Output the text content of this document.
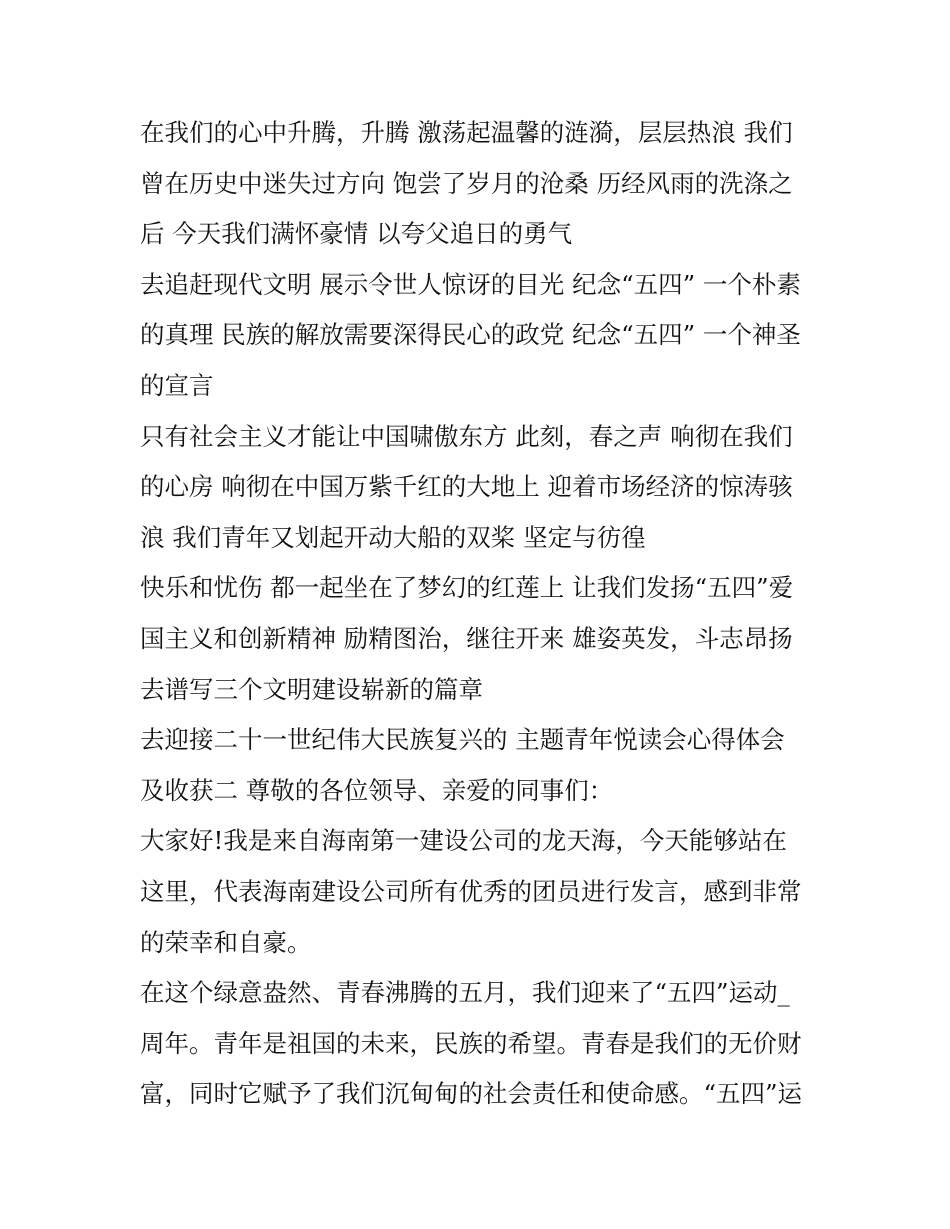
在我们的心中升腾，升腾 激荡起温馨的涟漪，层层热浪 我们
曾在历史中迷失过方向 饱尝了岁月的沧桑 历经风雨的洗涤之
后 今天我们满怀豪情 以夸父追日的勇气

去追赶现代文明 展示令世人惊讶的目光 纪念“五四” 一个朴素
的真理 民族的解放需要深得民心的政党 纪念“五四” 一个神圣
的宣言

只有社会主义才能让中国啸傲东方 此刻，春之声 响彻在我们
的心房 响彻在中国万紫千红的大地上 迎着市场经济的惊涛骇
浪 我们青年又划起开动大船的双桨 坚定与彷徨

快乐和忧伤 都一起坐在了梦幻的红莲上 让我们发扬“五四”爱
国主义和创新精神 励精图治，继往开来 雄姿英发，斗志昂扬
去谱写三个文明建设崭新的篇章

去迎接二十一世纪伟大民族复兴的 主题青年悦读会心得体会
及收获二 尊敬的各位领导、亲爱的同事们：

大家好!我是来自海南第一建设公司的龙天海，今天能够站在
这里，代表海南建设公司所有优秀的团员进行发言，感到非常
的荣幸和自豪。

在这个绿意盎然、青春沸腾的五月，我们迎来了“五四”运动_
周年。青年是祖国的未来，民族的希望。青春是我们的无价财
富，同时它赋予了我们沉甸甸的社会责任和使命感。“五四”运
